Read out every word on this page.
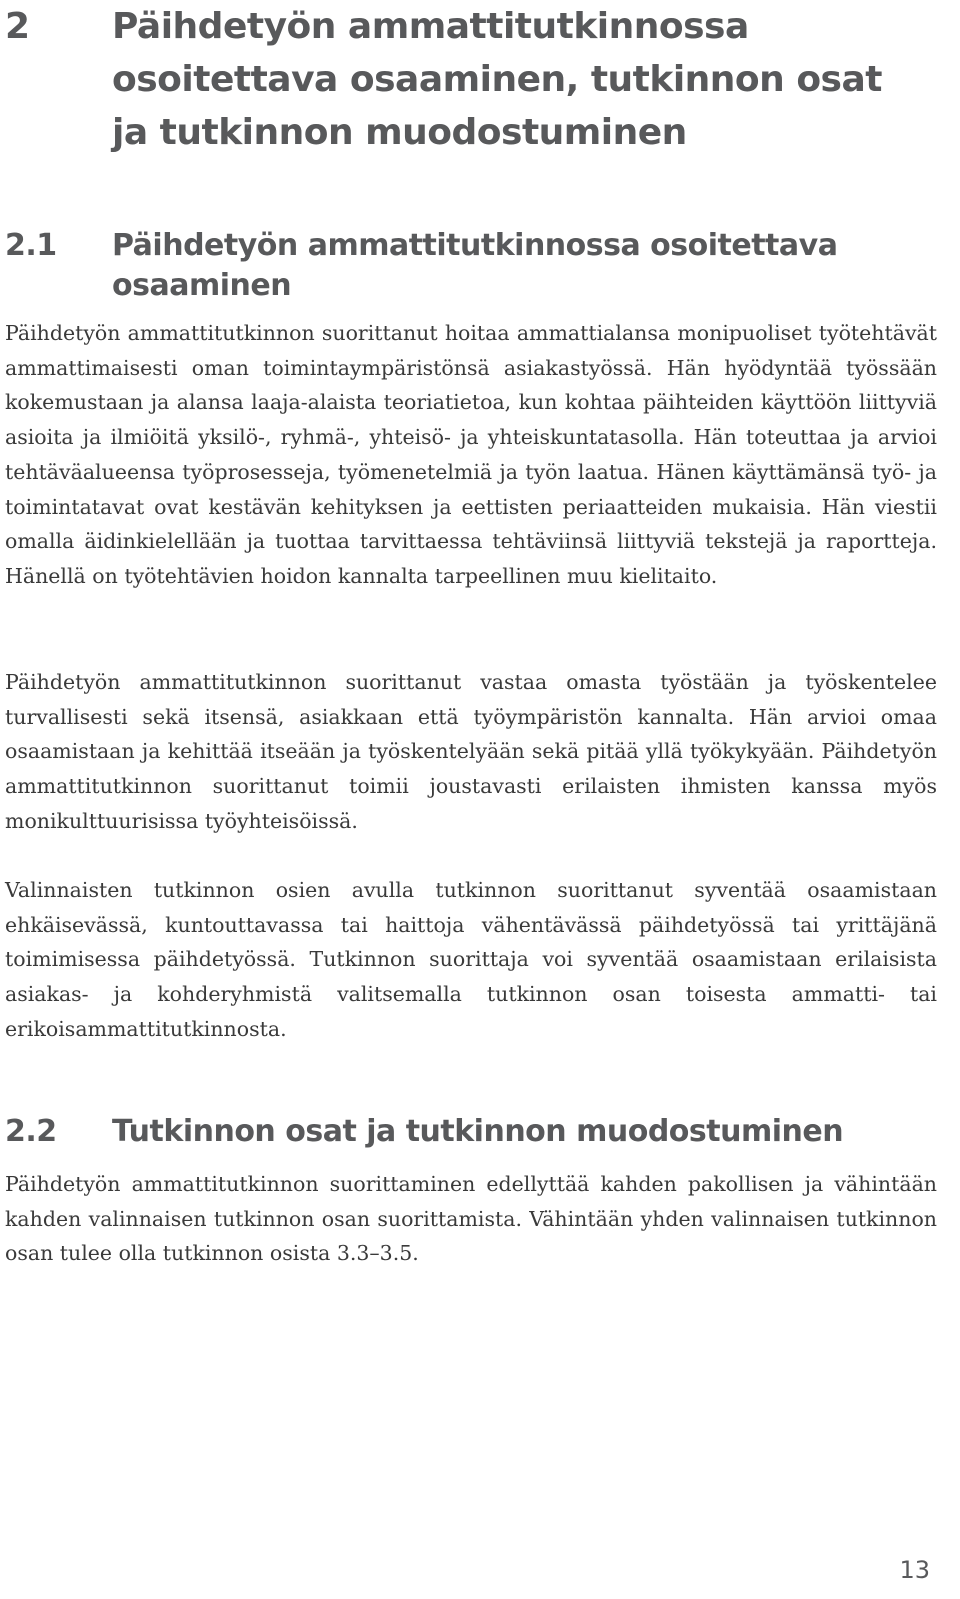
2 Päihdetyön ammattitutkinnossa osoitettava osaaminen, tutkinnon osat ja tutkinnon muodostuminen
2.1 Päihdetyön ammattitutkinnossa osoitettava osaaminen

Päihdetyön ammattitutkinnon suorittanut hoitaa ammattialansa monipuoliset työtehtävät ammattimaisesti oman toimintaympäristönsä asiakastyössä. Hän hyödyntää työssään kokemustaan ja alansa laaja-alaista teoriatietoa, kun kohtaa päihteiden käyttöön liittyviä asioita ja ilmiöitä yksilö-, ryhmä-, yhteisö- ja yhteiskuntatasolla. Hän toteuttaa ja arvioi tehtäväalueensa työprosesseja, työmenetelmiä ja työn laatua. Hänen käyttämänsä työ- ja toimintatavat ovat kestävän kehityksen ja eettisten periaatteiden mukaisia. Hän viestii omalla äidinkielellään ja tuottaa tarvittaessa tehtäviinsä liittyviä tekstejä ja raportteja. Hänellä on työtehtävien hoidon kannalta tarpeellinen muu kielitaito.

Päihdetyön ammattitutkinnon suorittanut vastaa omasta työstään ja työskentelee turvallisesti sekä itsensä, asiakkaan että työympäristön kannalta. Hän arvioi omaa osaamistaan ja kehittää itseään ja työskentelyään sekä pitää yllä työkykyään. Päihdetyön ammattitutkinnon suorittanut toimii joustavasti erilaisten ihmisten kanssa myös monikulttuurisissa työyhteisöissä.

Valinnaisten tutkinnon osien avulla tutkinnon suorittanut syventää osaamistaan ehkäisevässä, kuntouttavassa tai haittoja vähentävässä päihdetyössä tai yrittäjänä toimimisessa päihdetyössä. Tutkinnon suorittaja voi syventää osaamistaan erilaisista asiakas- ja kohderyhmistä valitsemalla tutkinnon osan toisesta ammatti- tai erikoisammattitutkinnosta.

2.2 Tutkinnon osat ja tutkinnon muodostuminen

Päihdetyön ammattitutkinnon suorittaminen edellyttää kahden pakollisen ja vähintään kahden valinnaisen tutkinnon osan suorittamista. Vähintään yhden valinnaisen tutkinnon osan tulee olla tutkinnon osista 3.3–3.5.

13
